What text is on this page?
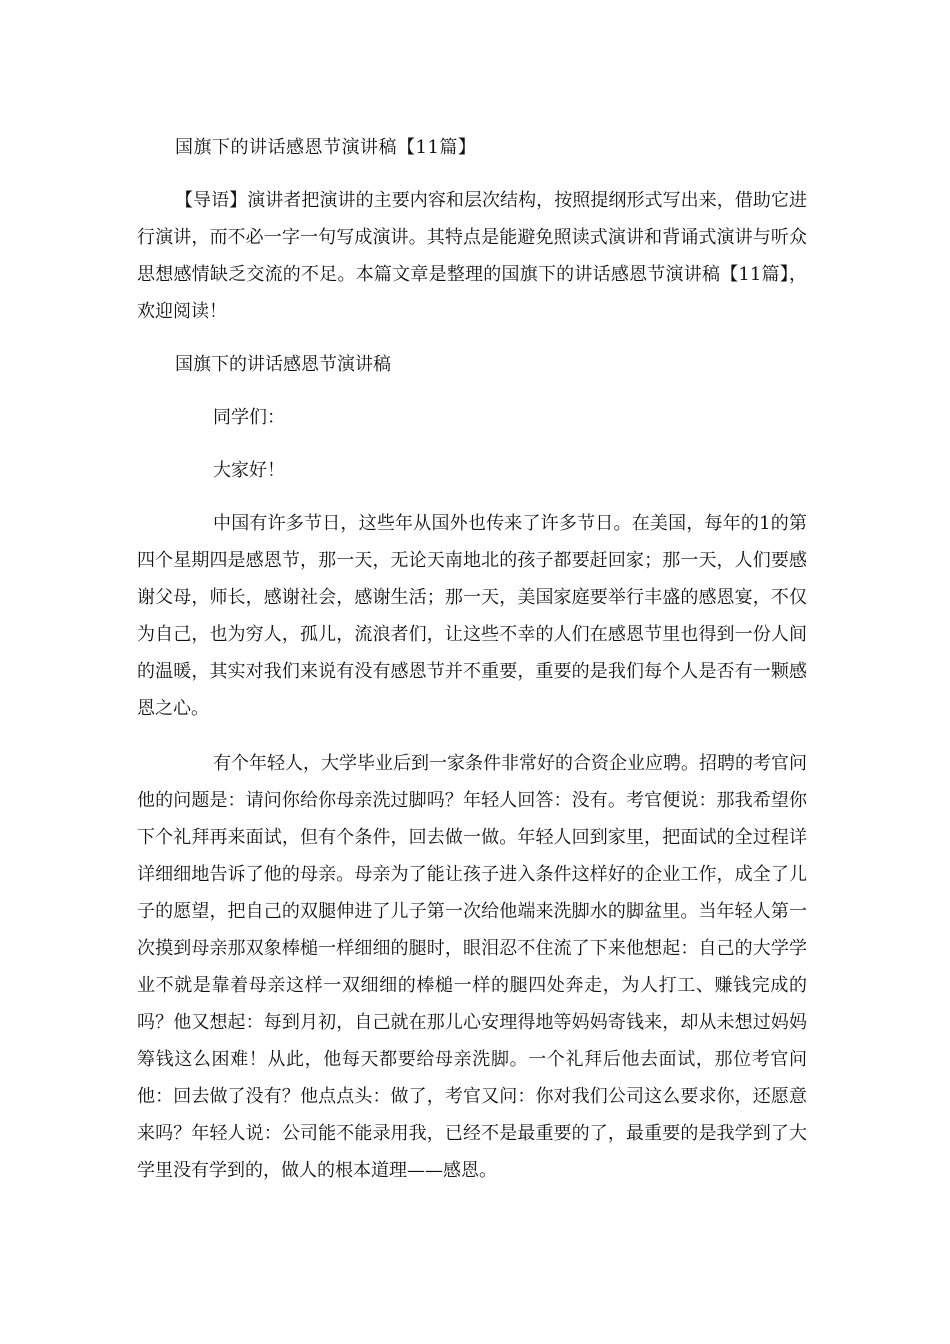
国旗下的讲话感恩节演讲稿【11篇】

【导语】演讲者把演讲的主要内容和层次结构，按照提纲形式写出来，借助它进行演讲，而不必一字一句写成演讲。其特点是能避免照读式演讲和背诵式演讲与听众思想感情缺乏交流的不足。本篇文章是整理的国旗下的讲话感恩节演讲稿【11篇】，欢迎阅读！

国旗下的讲话感恩节演讲稿

同学们：

大家好！

中国有许多节日，这些年从国外也传来了许多节日。在美国，每年的1的第四个星期四是感恩节，那一天，无论天南地北的孩子都要赶回家；那一天，人们要感谢父母，师长，感谢社会，感谢生活；那一天，美国家庭要举行丰盛的感恩宴，不仅为自己，也为穷人，孤儿，流浪者们，让这些不幸的人们在感恩节里也得到一份人间的温暖，其实对我们来说有没有感恩节并不重要，重要的是我们每个人是否有一颗感恩之心。

有个年轻人，大学毕业后到一家条件非常好的合资企业应聘。招聘的考官问他的问题是：请问你给你母亲洗过脚吗？年轻人回答：没有。考官便说：那我希望你下个礼拜再来面试，但有个条件，回去做一做。年轻人回到家里，把面试的全过程详详细细地告诉了他的母亲。母亲为了能让孩子进入条件这样好的企业工作，成全了儿子的愿望，把自己的双腿伸进了儿子第一次给他端来洗脚水的脚盆里。当年轻人第一次摸到母亲那双象棒槌一样细细的腿时，眼泪忍不住流了下来他想起：自己的大学学业不就是靠着母亲这样一双细细的棒槌一样的腿四处奔走，为人打工、赚钱完成的吗？他又想起：每到月初，自己就在那儿心安理得地等妈妈寄钱来，却从未想过妈妈筹钱这么困难！从此，他每天都要给母亲洗脚。一个礼拜后他去面试，那位考官问他：回去做了没有？他点点头：做了，考官又问：你对我们公司这么要求你，还愿意来吗？年轻人说：公司能不能录用我，已经不是最重要的了，最重要的是我学到了大学里没有学到的，做人的根本道理——感恩。
